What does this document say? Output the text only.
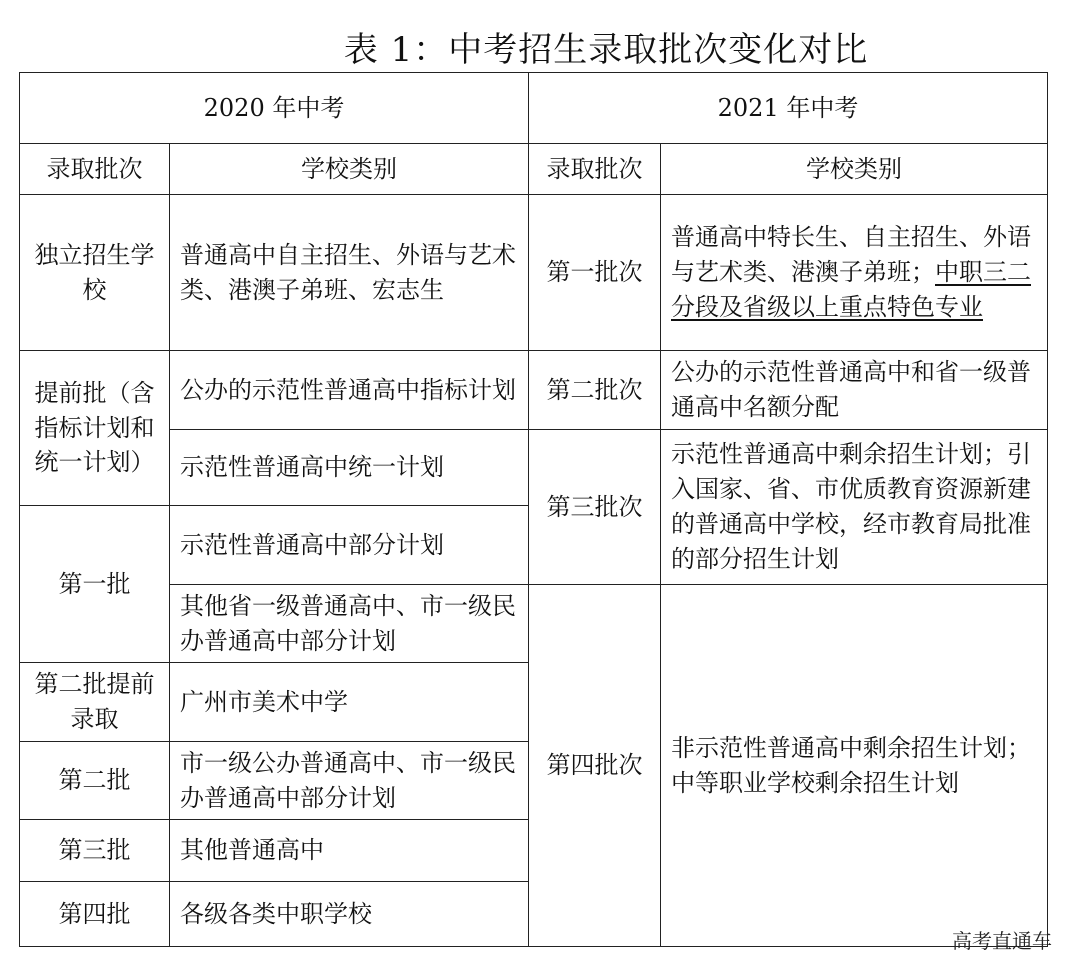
表 1：中考招生录取批次变化对比
2020 年中考		2021 年中考	
录取批次	学校类别	录取批次	学校类别
独立招生学校	普通高中自主招生、外语与艺术类、港澳子弟班、宏志生	第一批次	普通高中特长生、自主招生、外语与艺术类、港澳子弟班；中职三二分段及省级以上重点特色专业
提前批（含指标计划和统一计划）	公办的示范性普通高中指标计划	第二批次	公办的示范性普通高中和省一级普通高中名额分配
	示范性普通高中统一计划	第三批次	示范性普通高中剩余招生计划；引入国家、省、市优质教育资源新建的普通高中学校，经市教育局批准的部分招生计划
第一批	示范性普通高中部分计划		
	其他省一级普通高中、市一级民办普通高中部分计划	第四批次	非示范性普通高中剩余招生计划；中等职业学校剩余招生计划
第二批提前录取	广州市美术中学		
第二批	市一级公办普通高中、市一级民办普通高中部分计划		
第三批	其他普通高中		
第四批	各级各类中职学校		
高考直通车
